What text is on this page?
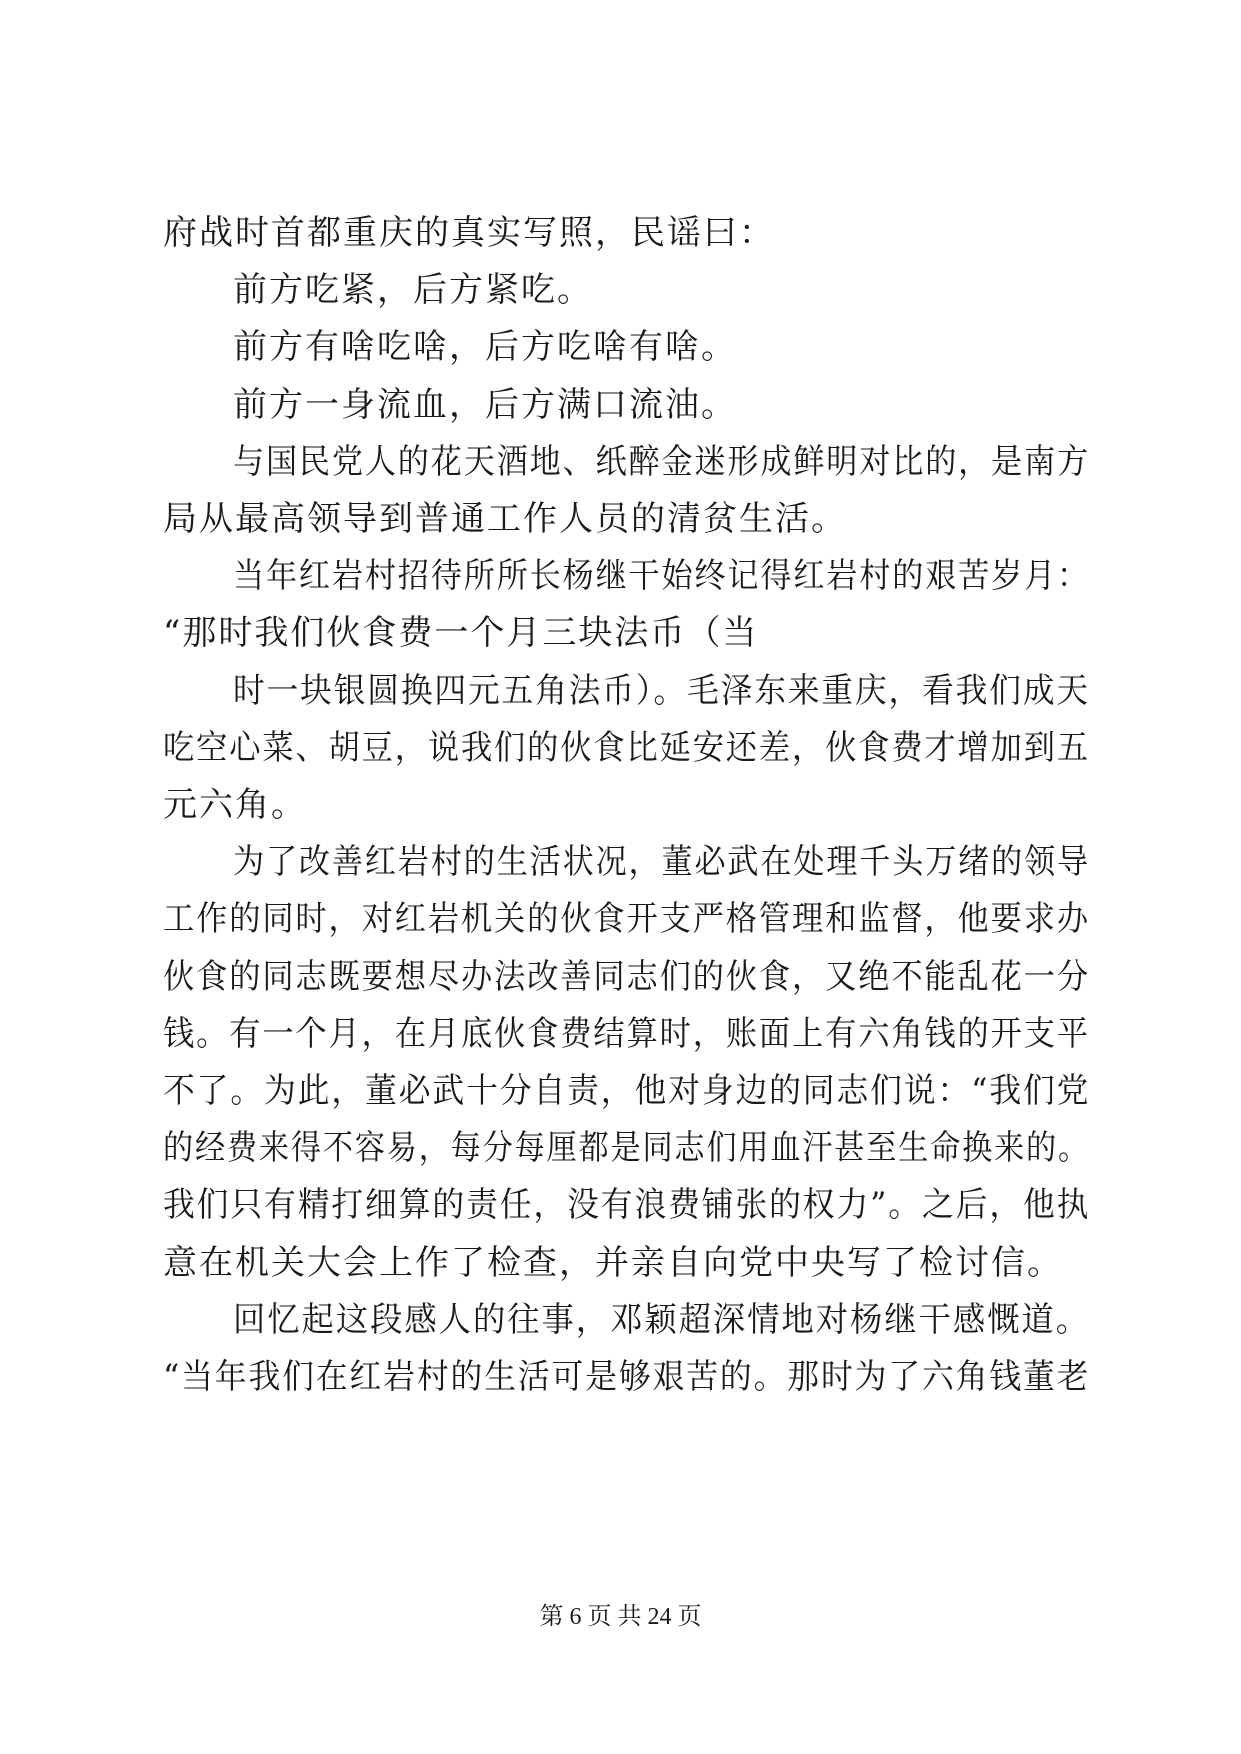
府战时首都重庆的真实写照，民谣曰：
前方吃紧，后方紧吃。
前方有啥吃啥，后方吃啥有啥。
前方一身流血，后方满口流油。
与国民党人的花天酒地、纸醉金迷形成鲜明对比的，是南方
局从最高领导到普通工作人员的清贫生活。
当年红岩村招待所所长杨继干始终记得红岩村的艰苦岁月：
“那时我们伙食费一个月三块法币（当
时一块银圆换四元五角法币）。毛泽东来重庆，看我们成天
吃空心菜、胡豆，说我们的伙食比延安还差，伙食费才增加到五
元六角。
为了改善红岩村的生活状况，董必武在处理千头万绪的领导
工作的同时，对红岩机关的伙食开支严格管理和监督，他要求办
伙食的同志既要想尽办法改善同志们的伙食，又绝不能乱花一分
钱。有一个月，在月底伙食费结算时，账面上有六角钱的开支平
不了。为此，董必武十分自责，他对身边的同志们说：“我们党
的经费来得不容易，每分每厘都是同志们用血汗甚至生命换来的。
我们只有精打细算的责任，没有浪费铺张的权力”。之后，他执
意在机关大会上作了检查，并亲自向党中央写了检讨信。
回忆起这段感人的往事，邓颖超深情地对杨继干感慨道。
“当年我们在红岩村的生活可是够艰苦的。那时为了六角钱董老
第 6 页 共 24 页
